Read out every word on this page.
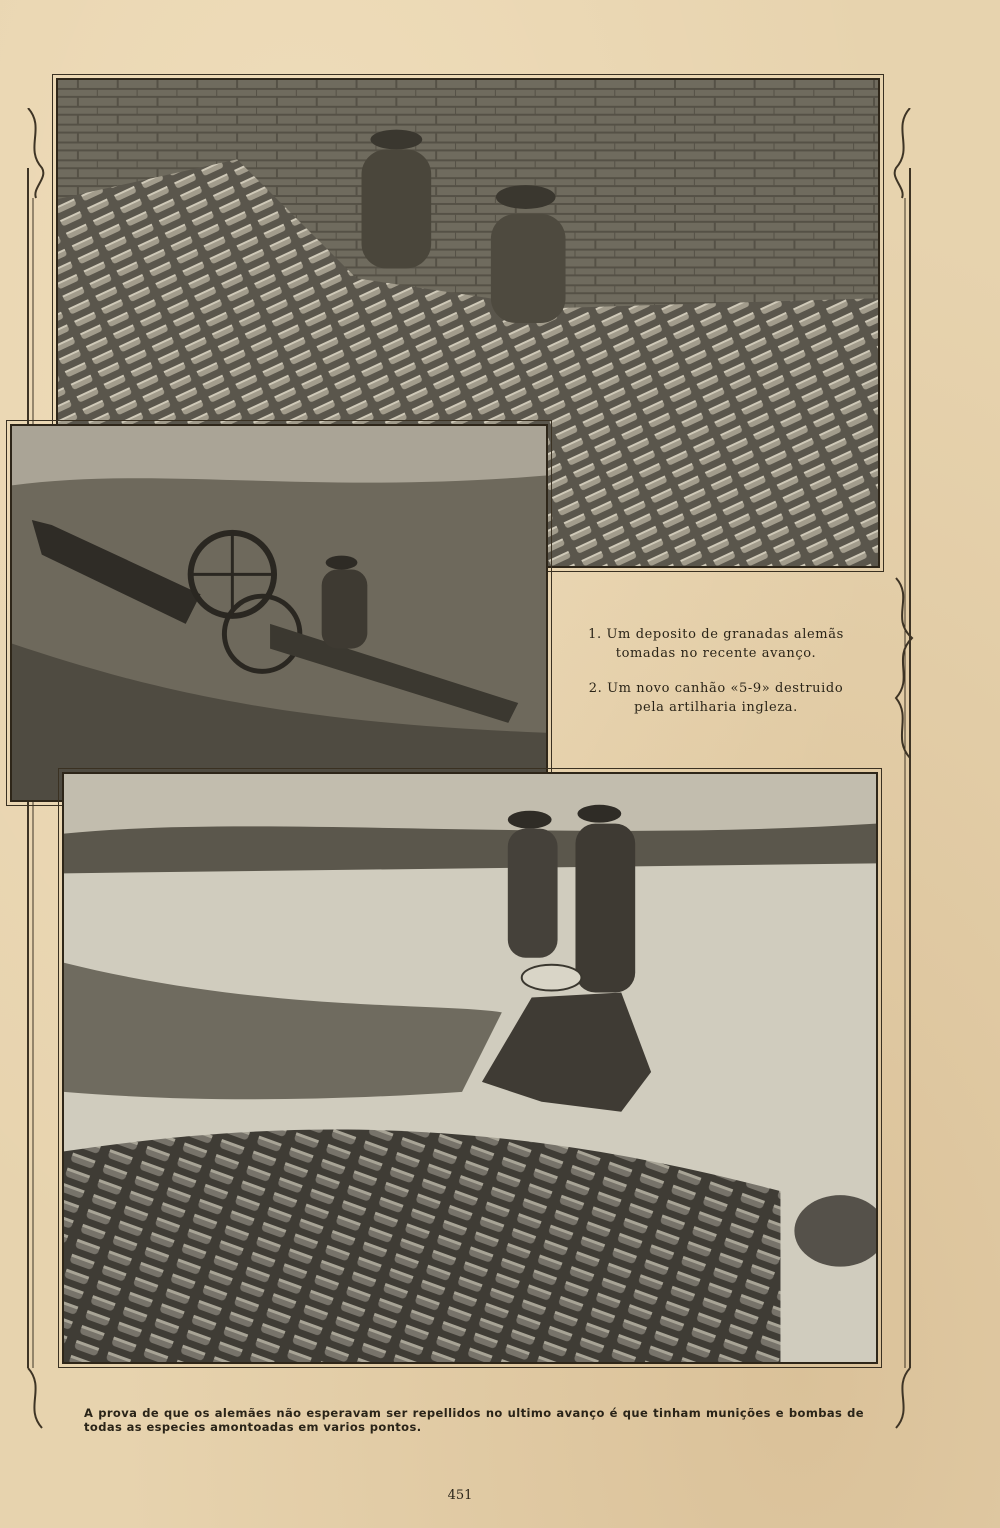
1. Um deposito de granadas alemãs tomadas no recente avanço.

2. Um novo canhão «5-9» destruido pela artilharia ingleza.

A prova de que os alemães não esperavam ser repellidos no ultimo avanço é que tinham munições e bombas de todas as especies amontoadas em varios pontos.
451
